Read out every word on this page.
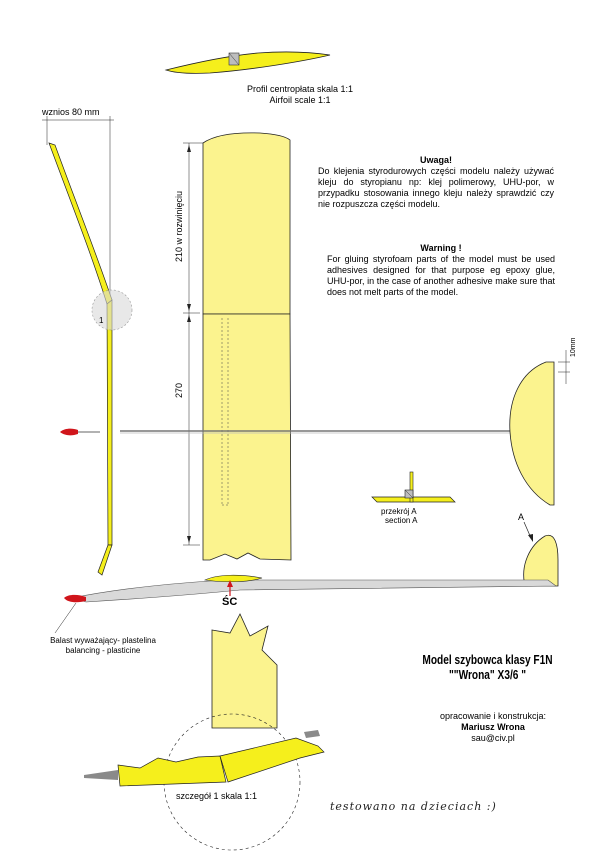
1
210 w rozwinięciu
270
10mm
przekrój A
section A	A
ŚC
szczegół 1 skala 1:1
Profil centropłata skala 1:1
Airfoil scale 1:1
wznios 80 mm
Uwaga!
Do klejenia styrodurowych części modelu należy używać kleju do styropianu np: klej polimerowy, UHU-por, w przypadku stosowania innego kleju należy sprawdzić czy nie rozpuszcza części modelu.
Warning !
For gluing styrofoam parts of the model must be used adhesives designed for that purpose eg epoxy glue, UHU-por, in the case of another adhesive make sure that does not melt parts of the model.
Balast wyważający- plastelina
balancing - plasticine
Model szybowca klasy F1N
""Wrona" X3/6 "
opracowanie i konstrukcja:
Mariusz Wrona
sau@civ.pl
testowano na dzieciach :)
